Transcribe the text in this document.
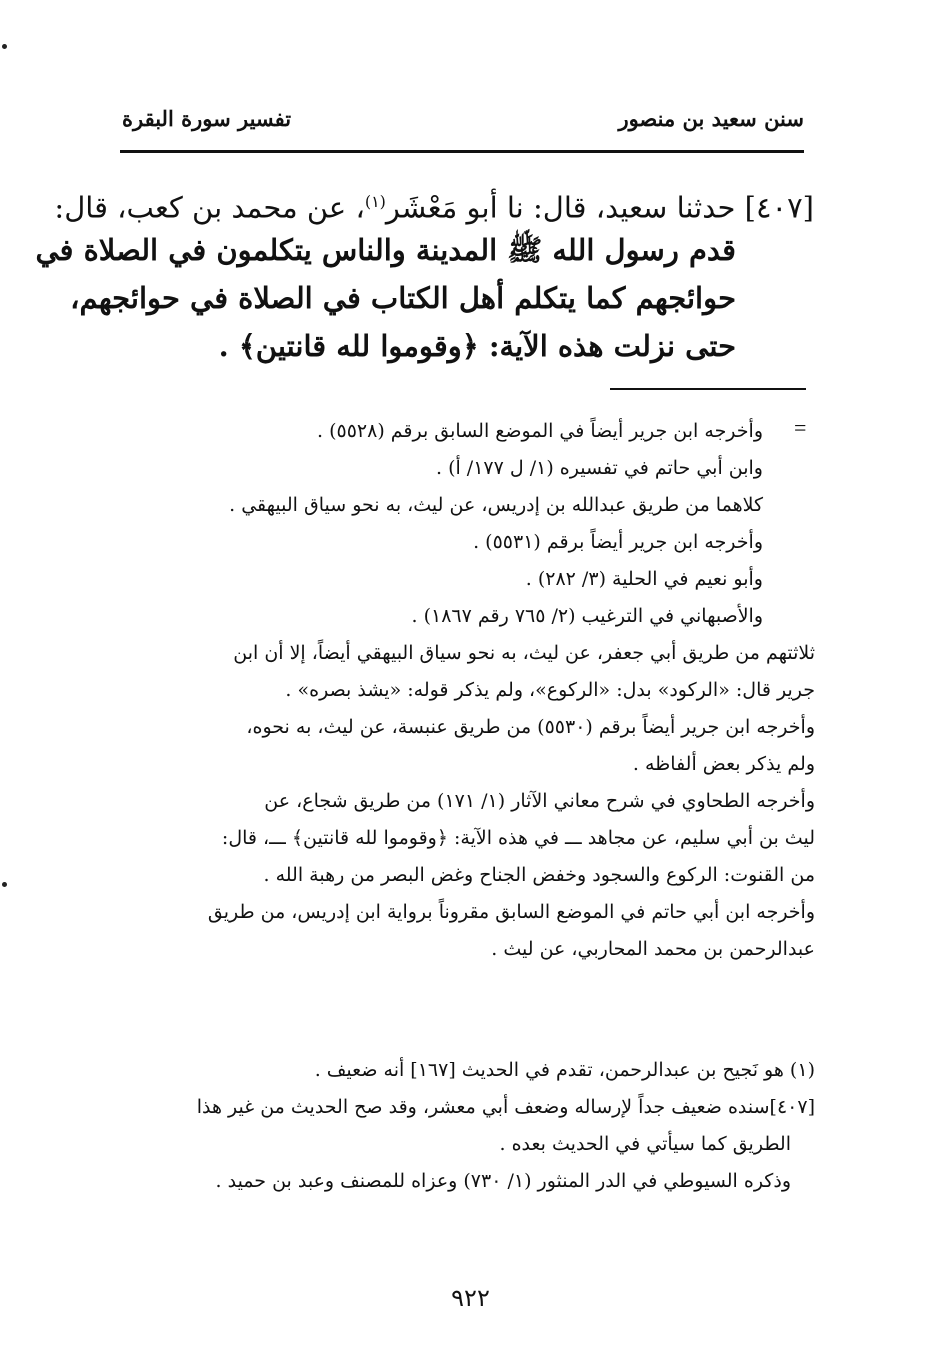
سنن سعيد بن منصور
تفسير سورة البقرة
[٤٠٧] حدثنا سعيد، قال: نا أبو مَعْشَر$^{(١)}$، عن محمد بن كعب، قال:
قدم رسول الله ﷺ المدينة والناس يتكلمون في الصلاة في
حوائجهم كما يتكلم أهل الكتاب في الصلاة في حوائجهم،
حتى نزلت هذه الآية: ﴿وقوموا لله قانتين﴾ .
=
وأخرجه ابن جرير أيضاً في الموضع السابق برقم (٥٥٢٨) .
وابن أبي حاتم في تفسيره (١/ ل ١٧٧/ أ) .
كلاهما من طريق عبدالله بن إدريس، عن ليث، به نحو سياق البيهقي .
وأخرجه ابن جرير أيضاً برقم (٥٥٣١) .
وأبو نعيم في الحلية (٣/ ٢٨٢) .
والأصبهاني في الترغيب (٢/ ٧٦٥ رقم ١٨٦٧) .
ثلاثتهم من طريق أبي جعفر، عن ليث، به نحو سياق البيهقي أيضاً، إلا أن ابن
جرير قال: «الركود» بدل: «الركوع»، ولم يذكر قوله: «يشذ بصره» .
وأخرجه ابن جرير أيضاً برقم (٥٥٣٠) من طريق عنبسة، عن ليث، به نحوه،
ولم يذكر بعض ألفاظه .
وأخرجه الطحاوي في شرح معاني الآثار (١/ ١٧١) من طريق شجاع، عن
ليث بن أبي سليم، عن مجاهد ـــ في هذه الآية: ﴿وقوموا لله قانتين﴾ ـــ، قال:
من القنوت: الركوع والسجود وخفض الجناح وغض البصر من رهبة الله .
وأخرجه ابن أبي حاتم في الموضع السابق مقروناً برواية ابن إدريس، من طريق
عبدالرحمن بن محمد المحاربي، عن ليث .
(١) هو نَجيح بن عبدالرحمن، تقدم في الحديث [١٦٧] أنه ضعيف .
[٤٠٧]سنده ضعيف جداً لإرساله وضعف أبي معشر، وقد صح الحديث من غير هذا
الطريق كما سيأتي في الحديث بعده .
وذكره السيوطي في الدر المنثور (١/ ٧٣٠) وعزاه للمصنف وعبد بن حميد .
٩٢٢
